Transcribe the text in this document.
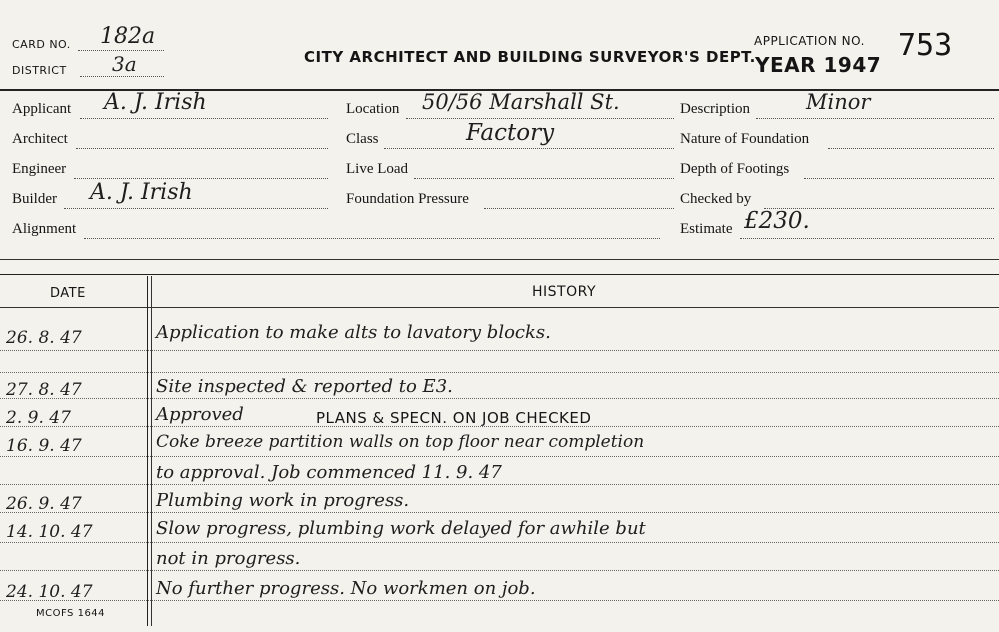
CARD NO. 182a
DISTRICT 3a	CITY ARCHITECT AND BUILDING SURVEYOR'S DEPT.
APPLICATION NO. 753
YEAR 1947
Applicant A. J. Irish
Architect
Engineer
Builder A. J. Irish
Alignment
Location 50/56 Marshall St.
Class	Factory
Live Load
Foundation Pressure
Description	Minor
Nature of Foundation
Depth of Footings
Checked by
Estimate £230.
DATE	HISTORY
26. 8. 47	Application to make alts to lavatory blocks.
27. 8. 47	Site inspected & reported to E3.
2. 9. 47	Approved	PLANS & SPECN. ON JOB CHECKED
16. 9. 47	Coke breeze partition walls on top floor near completion
to approval. Job commenced 11. 9. 47
26. 9. 47	Plumbing work in progress.
14. 10. 47	Slow progress, plumbing work delayed for awhile but
not in progress.
24. 10. 47	No further progress. No workmen on job.
MCOFS 1644
